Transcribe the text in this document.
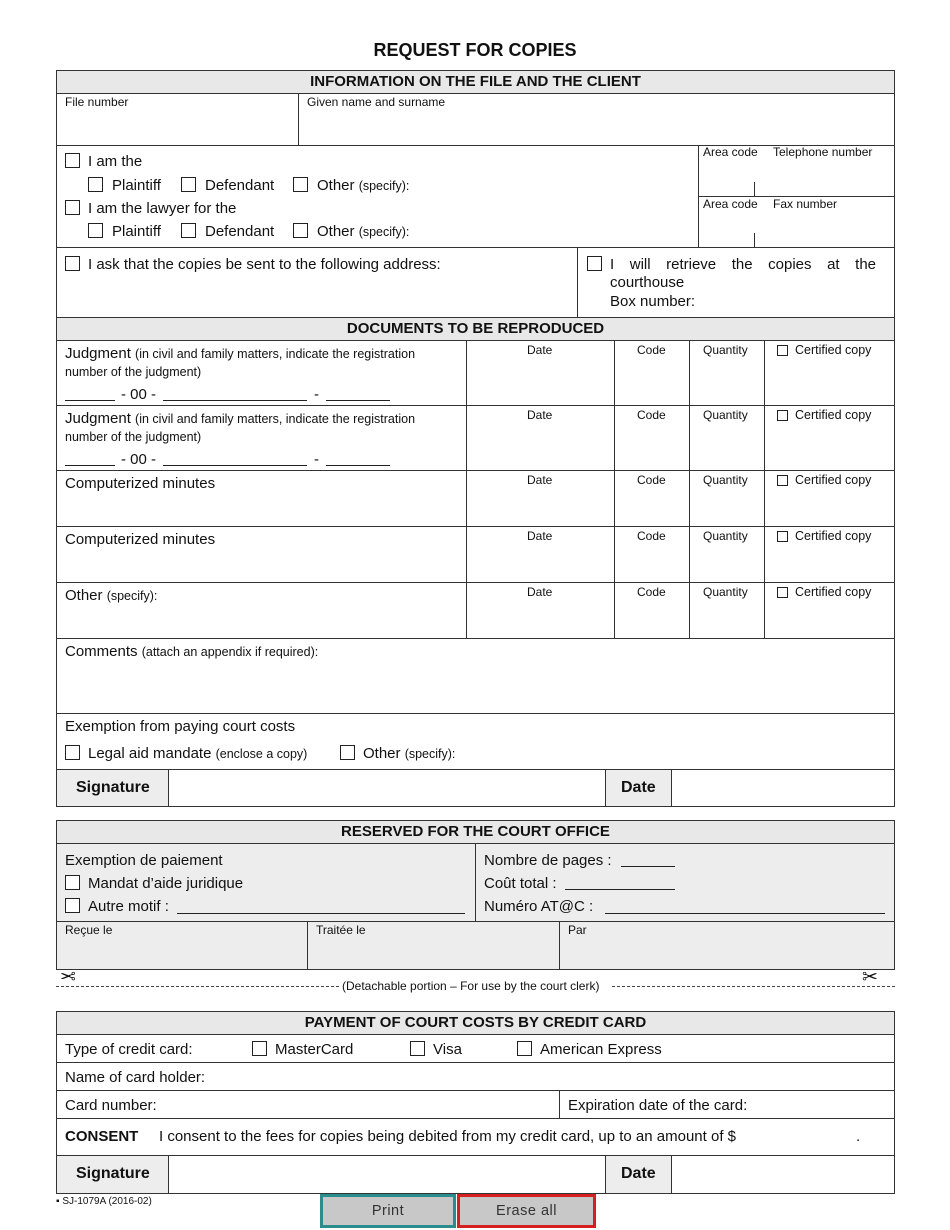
REQUEST FOR COPIES
INFORMATION ON THE FILE AND THE CLIENT
File number	Given name and surname
I am the
Plaintiff	Defendant	Other (specify):
I am the lawyer for the
Plaintiff	Defendant	Other (specify):
Area code Telephone number
Area code Fax number
I ask that the copies be sent to the following address:	I will retrieve the copies at the
courthouse
Box number:
DOCUMENTS TO BE REPRODUCED
Judgment (in civil and family matters, indicate the registration
number of the judgment)
- 00 -	-
Date	Code	Quantity	Certified copy
Judgment (in civil and family matters, indicate the registration
number of the judgment)
- 00 -	-
Date	Code	Quantity	Certified copy
Computerized minutes	Date	Code	Quantity	Certified copy
Computerized minutes	Date	Code	Quantity	Certified copy
Other (specify):	Date	Code	Quantity	Certified copy
Comments (attach an appendix if required):
Exemption from paying court costs
Legal aid mandate (enclose a copy)	Other (specify):
Signature	Date
RESERVED FOR THE COURT OFFICE
Exemption de paiement
Mandat d’aide juridique
Autre motif :
Nombre de pages :
Coût total :
Numéro AT@C :
Reçue le	Traitée le	Par
✂	✂
(Detachable portion – For use by the court clerk)
PAYMENT OF COURT COSTS BY CREDIT CARD
Type of credit card:	MasterCard	Visa	American Express
Name of card holder:
Card number:	Expiration date of the card:
CONSENT I consent to the fees for copies being debited from my credit card, up to an amount of $	.
Signature	Date
▪ SJ-1079A (2016-02)
Print	Erase all
